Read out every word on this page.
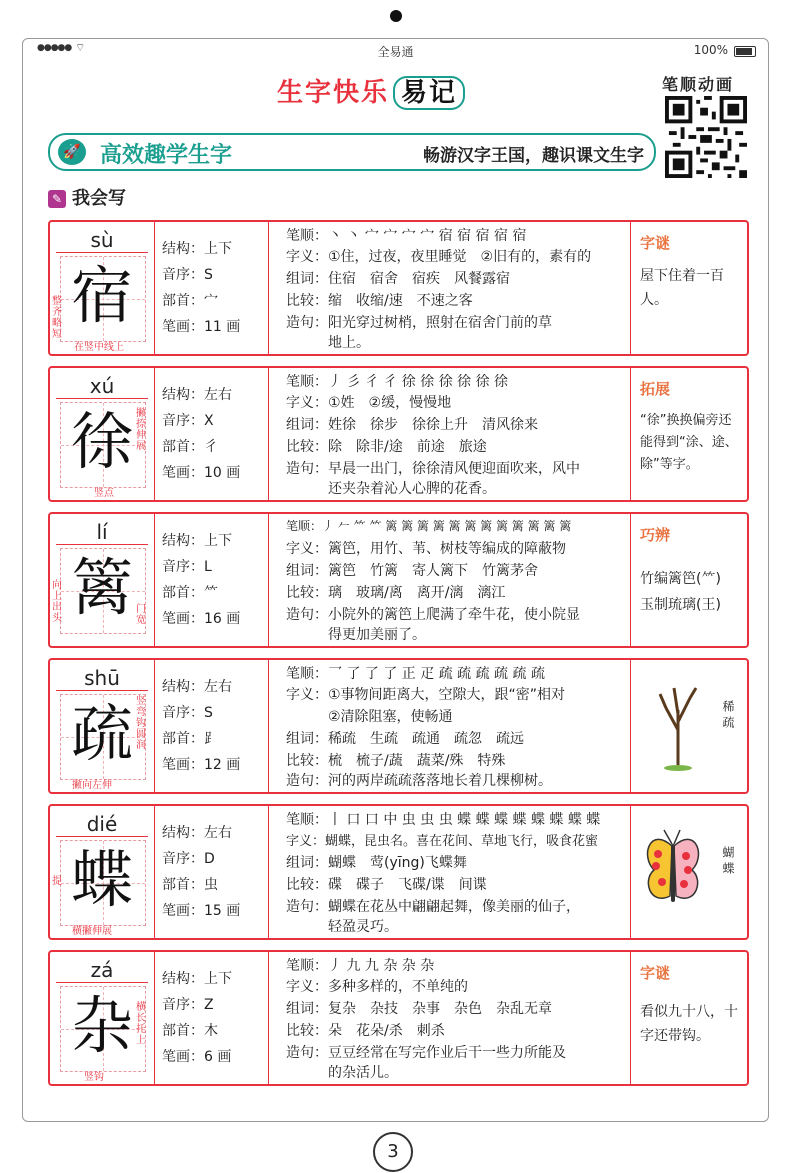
●●●●● ⌔	全易通	100%
生字快乐 易记	笔顺动画
🚀 高效趣学生字	畅游汉字王国，趣识课文生字
✎ 我会写
sù
宿
整齐略短
在竖中线上
结构：上下
音序：S
部首：宀
笔画：11 画
笔顺：丶 丶 宀 宀 宀 宀 宿 宿 宿 宿 宿
字义：①住，过夜，夜里睡觉　②旧有的，素有的
组词：住宿　宿舍　宿疾　风餐露宿
比较：缩　收缩/速　不速之客
造句：阳光穿过树梢，照射在宿舍门前的草
　　　地上。
字谜
屋下住着一百人。
xú
徐 撇捺伸展
竖点
结构：左右
音序：X
部首：彳
笔画：10 画
笔顺：丿 彡 彳 彳 徐 徐 徐 徐 徐 徐
字义：①姓　②缓，慢慢地
组词：姓徐　徐步　徐徐上升　清风徐来
比较：除　除非/途　前途　旅途
造句：早晨一出门，徐徐清风便迎面吹来，风中
　　　还夹杂着沁人心脾的花香。
拓展
“徐”换换偏旁还能得到“涂、途、除”等字。
lí
篱
向上出头
门宽
结构：上下
音序：L
部首：⺮
笔画：16 画
笔顺：丿 𠂉 ⺮ ⺮ 篱 篱 篱 篱 篱 篱 篱 篱 篱 篱 篱 篱
字义：篱笆，用竹、苇、树枝等编成的障蔽物
组词：篱笆　竹篱　寄人篱下　竹篱茅舍
比较：璃　玻璃/离　离开/漓　漓江
造句：小院外的篱笆上爬满了牵牛花，使小院显
　　　得更加美丽了。
巧辨
竹编篱笆(⺮)
玉制琉璃(王)
shū
疏 竖弯钩圆润
撇向左伸
结构：左右
音序：S
部首：⻊
笔画：12 画
笔顺：乛 了 了 了 正 疋 疏 疏 疏 疏 疏 疏
字义：①事物间距离大，空隙大，跟“密”相对
　　　②清除阻塞，使畅通
组词：稀疏　生疏　疏通　疏忽　疏远
比较：梳　梳子/蔬　蔬菜/殊　特殊
造句：河的两岸疏疏落落地长着几棵柳树。
稀疏
dié
蝶
提
横撇伸展
结构：左右
音序：D
部首：虫
笔画：15 画
笔顺：丨 口 口 中 虫 虫 虫 蝶 蝶 蝶 蝶 蝶 蝶 蝶 蝶
字义：蝴蝶，昆虫名。喜在花间、草地飞行，吸食花蜜
组词：蝴蝶　莺(yīng)飞蝶舞
比较：碟　碟子　飞碟/谍　间谍
造句：蝴蝶在花丛中翩翩起舞，像美丽的仙子，
　　　轻盈灵巧。
蝴蝶
zá
杂 横长托上
竖钩
结构：上下
音序：Z
部首：木
笔画：6 画
笔顺：丿 九 九 杂 杂 杂
字义：多种多样的，不单纯的
组词：复杂　杂技　杂事　杂色　杂乱无章
比较：朵　花朵/杀　刺杀
造句：豆豆经常在写完作业后干一些力所能及
　　　的杂活儿。
字谜
看似九十八，十字还带钩。
3
